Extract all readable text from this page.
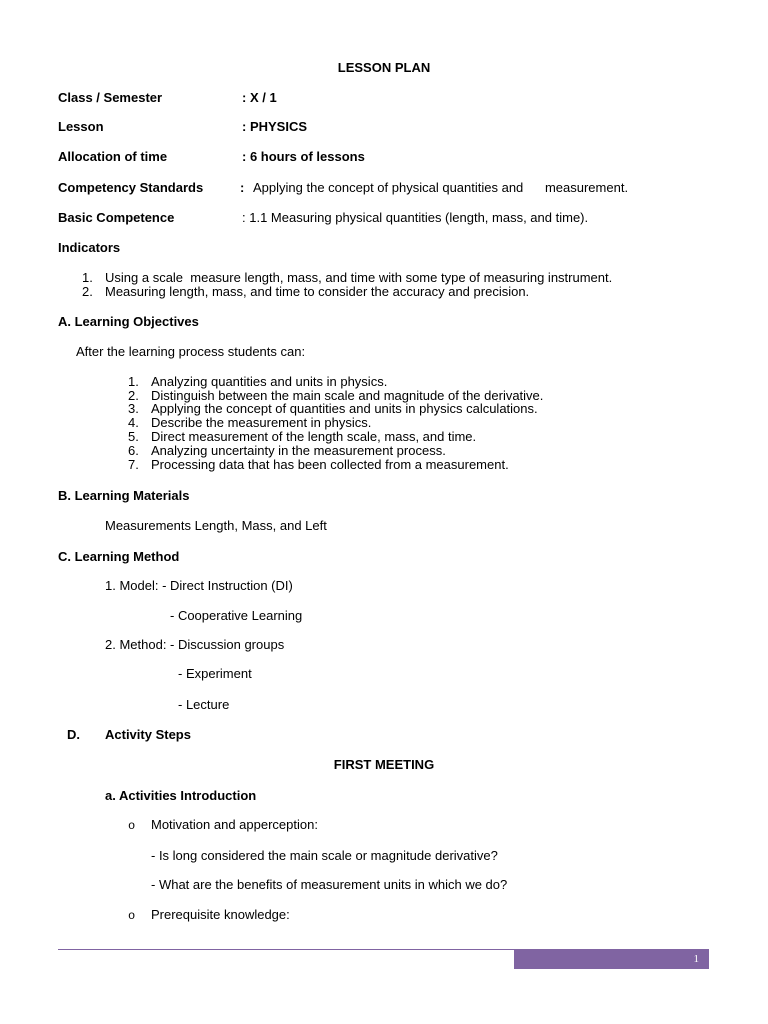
LESSON PLAN
Class / Semester	: X / 1
Lesson	: PHYSICS
Allocation of time	: 6 hours of lessons
Competency Standards	: Applying the concept of physical quantities and      measurement.
Basic Competence	: 1.1 Measuring physical quantities (length, mass, and time).
Indicators
1. Using a scale  measure length, mass, and time with some type of measuring instrument.
2. Measuring length, mass, and time to consider the accuracy and precision.
A. Learning Objectives
After the learning process students can:
1. Analyzing quantities and units in physics.
2. Distinguish between the main scale and magnitude of the derivative.
3. Applying the concept of quantities and units in physics calculations.
4. Describe the measurement in physics.
5. Direct measurement of the length scale, mass, and time.
6. Analyzing uncertainty in the measurement process.
7. Processing data that has been collected from a measurement.
B. Learning Materials
Measurements Length, Mass, and Left
C. Learning Method
1. Model: - Direct Instruction (DI)
- Cooperative Learning
2. Method: - Discussion groups
- Experiment
- Lecture
D. Activity Steps
FIRST MEETING
a. Activities Introduction
o Motivation and apperception:
- Is long considered the main scale or magnitude derivative?
- What are the benefits of measurement units in which we do?
o Prerequisite knowledge:
1
